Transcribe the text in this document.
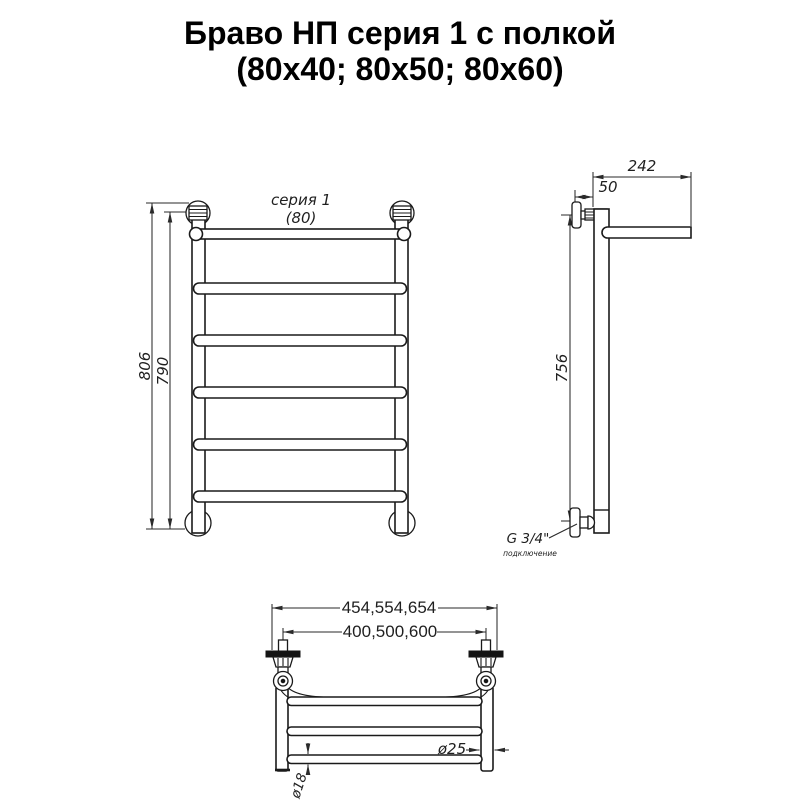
Браво НП серия 1 с полкой
(80x40; 80x50; 80x60)
806 790
серия 1
(80)
242
50
756
G 3/4"
подключение
454,554,654
400,500,600
ø25
ø18
